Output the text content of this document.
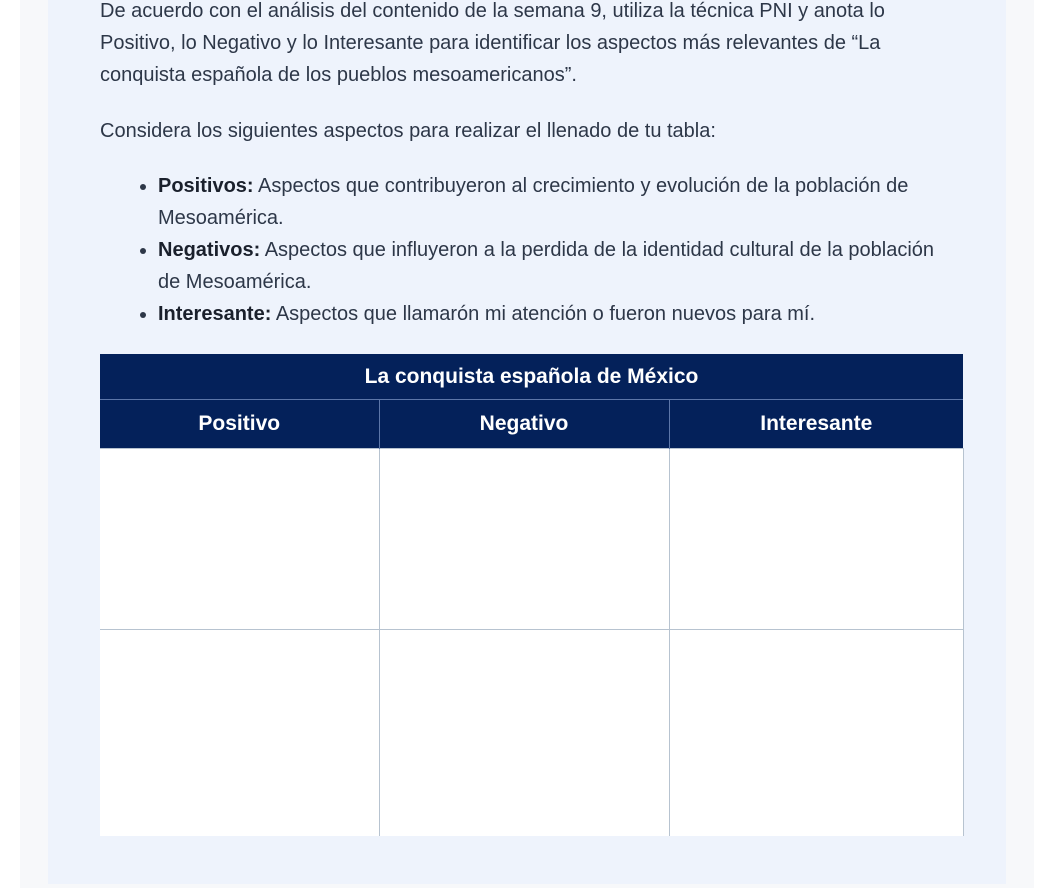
De acuerdo con el análisis del contenido de la semana 9, utiliza la técnica PNI y anota lo Positivo, lo Negativo y lo Interesante para identificar los aspectos más relevantes de “La conquista española de los pueblos mesoamericanos”.

Considera los siguientes aspectos para realizar el llenado de tu tabla:

• Positivos: Aspectos que contribuyeron al crecimiento y evolución de la población de Mesoamérica.
• Negativos: Aspectos que influyeron a la perdida de la identidad cultural de la población de Mesoamérica.
• Interesante: Aspectos que llamarón mi atención o fueron nuevos para mí.
La conquista española de México		
Positivo	Negativo	Interesante
